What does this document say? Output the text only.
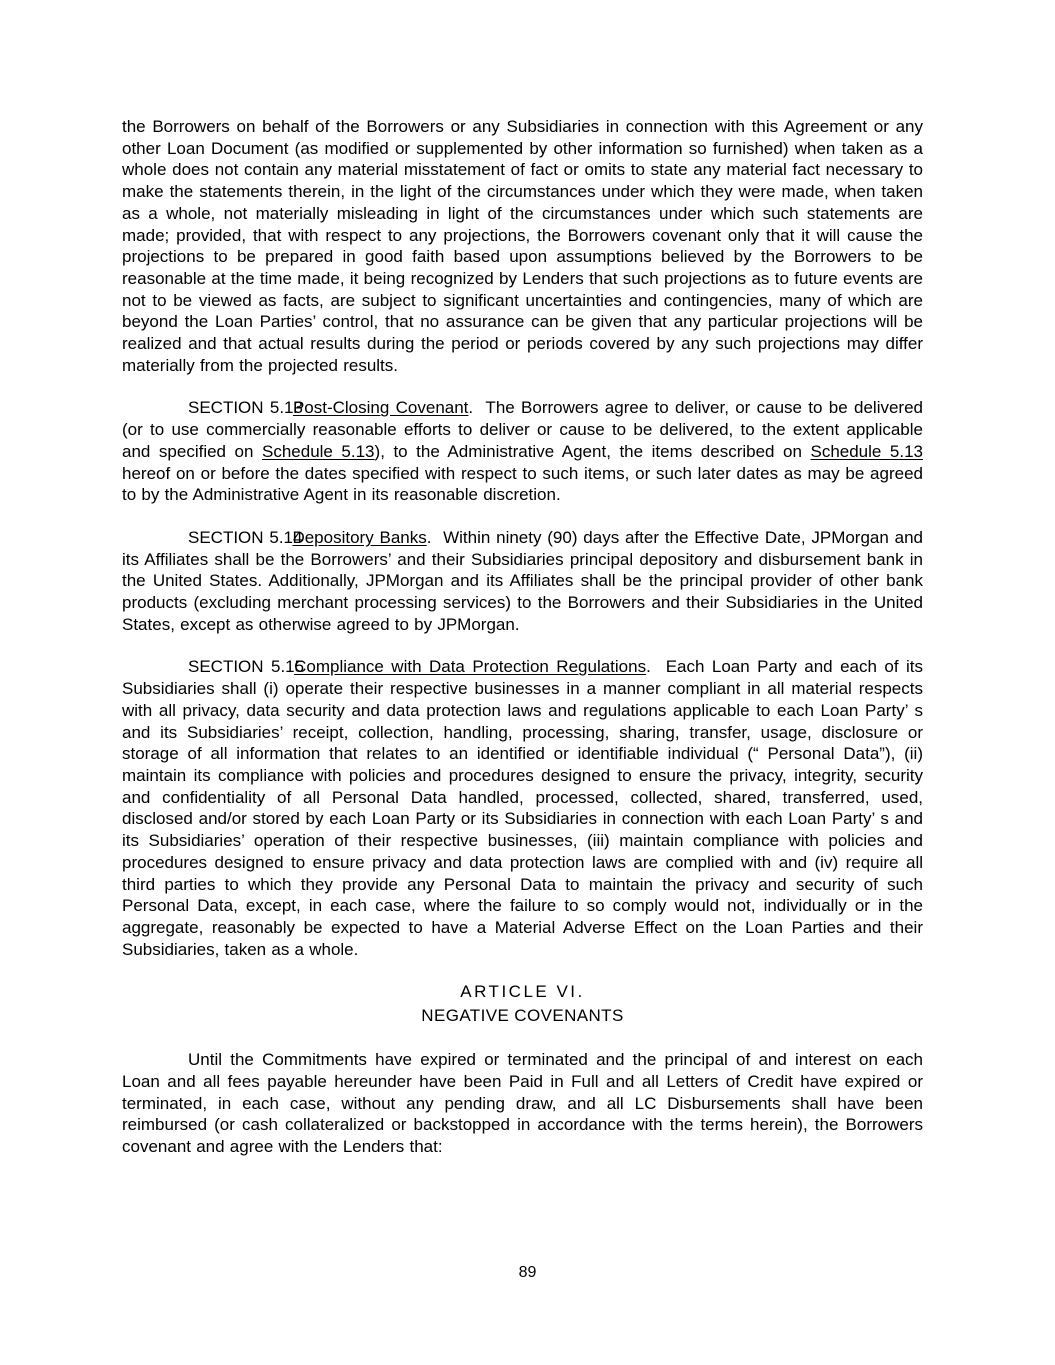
the Borrowers on behalf of the Borrowers or any Subsidiaries in connection with this Agreement or any other Loan Document (as modified or supplemented by other information so furnished) when taken as a whole does not contain any material misstatement of fact or omits to state any material fact necessary to make the statements therein, in the light of the circumstances under which they were made, when taken as a whole, not materially misleading in light of the circumstances under which such statements are made; provided, that with respect to any projections, the Borrowers covenant only that it will cause the projections to be prepared in good faith based upon assumptions believed by the Borrowers to be reasonable at the time made, it being recognized by Lenders that such projections as to future events are not to be viewed as facts, are subject to significant uncertainties and contingencies, many of which are beyond the Loan Parties’ control, that no assurance can be given that any particular projections will be realized and that actual results during the period or periods covered by any such projections may differ materially from the projected results.

SECTION 5.13Post-Closing Covenant.  The Borrowers agree to deliver, or cause to be delivered (or to use commercially reasonable efforts to deliver or cause to be delivered, to the extent applicable and specified on Schedule 5.13), to the Administrative Agent, the items described on Schedule 5.13 hereof on or before the dates specified with respect to such items, or such later dates as may be agreed to by the Administrative Agent in its reasonable discretion.

SECTION 5.14Depository Banks.  Within ninety (90) days after the Effective Date, JPMorgan and its Affiliates shall be the Borrowers’ and their Subsidiaries principal depository and disbursement bank in the United States. Additionally, JPMorgan and its Affiliates shall be the principal provider of other bank products (excluding merchant processing services) to the Borrowers and their Subsidiaries in the United States, except as otherwise agreed to by JPMorgan.

SECTION 5.15Compliance with Data Protection Regulations.  Each Loan Party and each of its Subsidiaries shall (i) operate their respective businesses in a manner compliant in all material respects with all privacy, data security and data protection laws and regulations applicable to each Loan Party’ s and its Subsidiaries’ receipt, collection, handling, processing, sharing, transfer, usage, disclosure or storage of all information that relates to an identified or identifiable individual (“ Personal Data”), (ii) maintain its compliance with policies and procedures designed to ensure the privacy, integrity, security and confidentiality of all Personal Data handled, processed, collected, shared, transferred, used, disclosed and/or stored by each Loan Party or its Subsidiaries in connection with each Loan Party’ s and its Subsidiaries’ operation of their respective businesses, (iii) maintain compliance with policies and procedures designed to ensure privacy and data protection laws are complied with and (iv) require all third parties to which they provide any Personal Data to maintain the privacy and security of such Personal Data, except, in each case, where the failure to so comply would not, individually or in the aggregate, reasonably be expected to have a Material Adverse Effect on the Loan Parties and their Subsidiaries, taken as a whole.

ARTICLE VI.
NEGATIVE COVENANTS

Until the Commitments have expired or terminated and the principal of and interest on each Loan and all fees payable hereunder have been Paid in Full and all Letters of Credit have expired or terminated, in each case, without any pending draw, and all LC Disbursements shall have been reimbursed (or cash collateralized or backstopped in accordance with the terms herein), the Borrowers covenant and agree with the Lenders that:

89
